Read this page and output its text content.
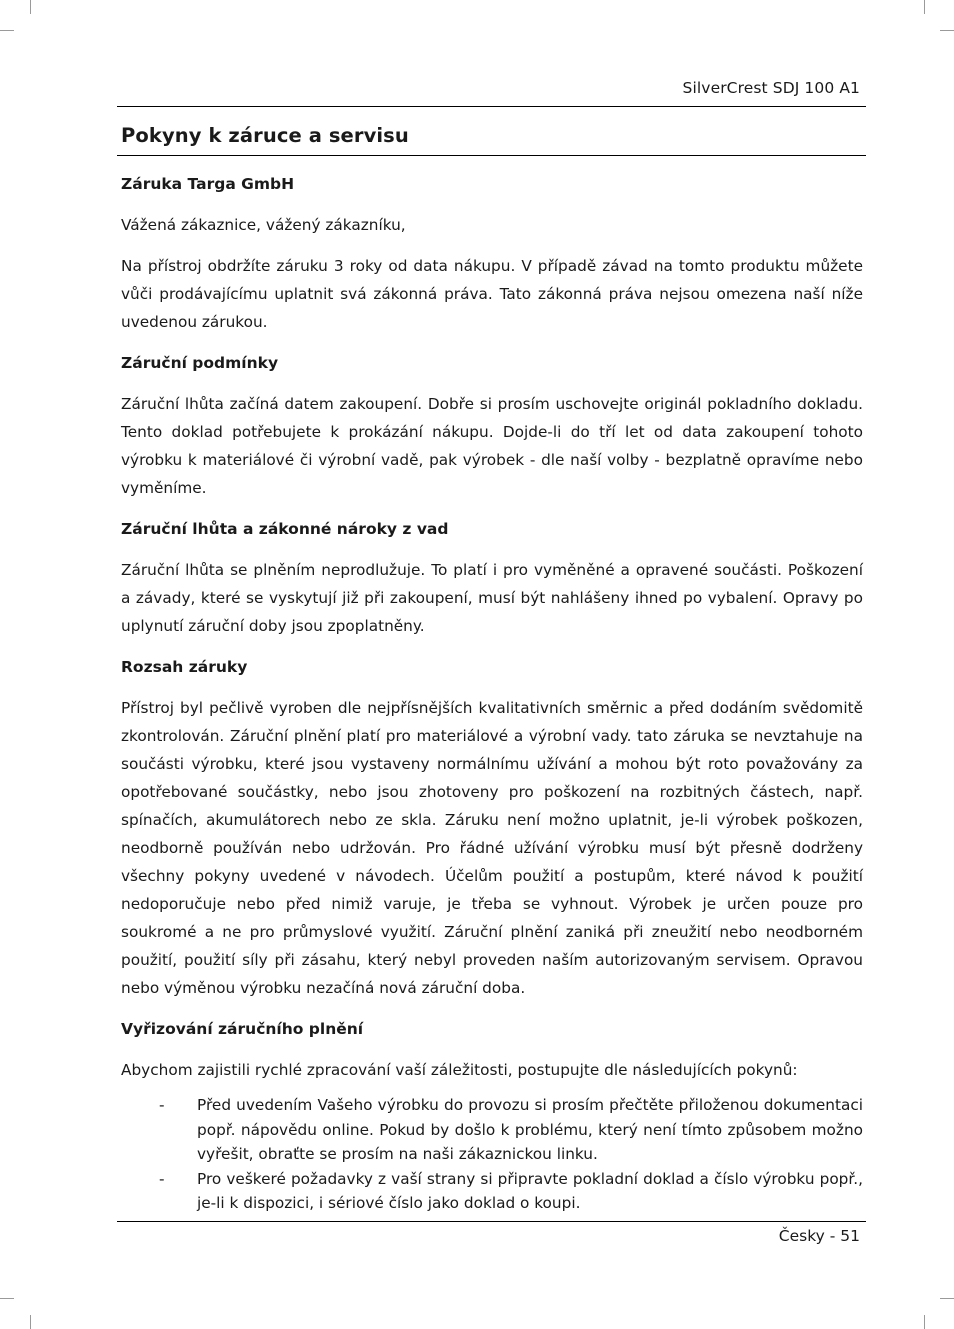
SilverCrest SDJ 100 A1
Pokyny k záruce a servisu
Záruka Targa GmbH

Vážená zákaznice, vážený zákazníku,

Na přístroj obdržíte záruku 3 roky od data nákupu. V případě závad na tomto produktu můžete vůči prodávajícímu uplatnit svá zákonná práva. Tato zákonná práva nejsou omezena naší níže uvedenou zárukou.

Záruční podmínky

Záruční lhůta začíná datem zakoupení. Dobře si prosím uschovejte originál pokladního dokladu. Tento doklad potřebujete k prokázání nákupu. Dojde-li do tří let od data zakoupení tohoto výrobku k materiálové či výrobní vadě, pak výrobek - dle naší volby - bezplatně opravíme nebo vyměníme.

Záruční lhůta a zákonné nároky z vad

Záruční lhůta se plněním neprodlužuje. To platí i pro vyměněné a opravené součásti. Poškození a závady, které se vyskytují již při zakoupení, musí být nahlášeny ihned po vybalení. Opravy po uplynutí záruční doby jsou zpoplatněny.

Rozsah záruky

Přístroj byl pečlivě vyroben dle nejpřísnějších kvalitativních směrnic a před dodáním svědomitě zkontrolován. Záruční plnění platí pro materiálové a výrobní vady. tato záruka se nevztahuje na součásti výrobku, které jsou vystaveny normálnímu užívání a mohou být roto považovány za opotřebované součástky, nebo jsou zhotoveny pro poškození na rozbitných částech, např. spínačích, akumulátorech nebo ze skla. Záruku není možno uplatnit, je-li výrobek poškozen, neodborně používán nebo udržován. Pro řádné užívání výrobku musí být přesně dodrženy všechny pokyny uvedené v návodech. Účelům použití a postupům, které návod k použití nedoporučuje nebo před nimiž varuje, je třeba se vyhnout. Výrobek je určen pouze pro soukromé a ne pro průmyslové využití. Záruční plnění zaniká při zneužití nebo neodborném použití, použití síly při zásahu, který nebyl proveden naším autorizovaným servisem. Opravou nebo výměnou výrobku nezačíná nová záruční doba.

Vyřizování záručního plnění

Abychom zajistili rychlé zpracování vaší záležitosti, postupujte dle následujících pokynů:

-	Před uvedením Vašeho výrobku do provozu si prosím přečtěte přiloženou dokumentaci popř. nápovědu online. Pokud by došlo k problému, který není tímto způsobem možno vyřešit, obraťte se prosím na naši zákaznickou linku.
-	Pro veškeré požadavky z vaší strany si připravte pokladní doklad a číslo výrobku popř., je-li k dispozici, i sériové číslo jako doklad o koupi.
Česky - 51
